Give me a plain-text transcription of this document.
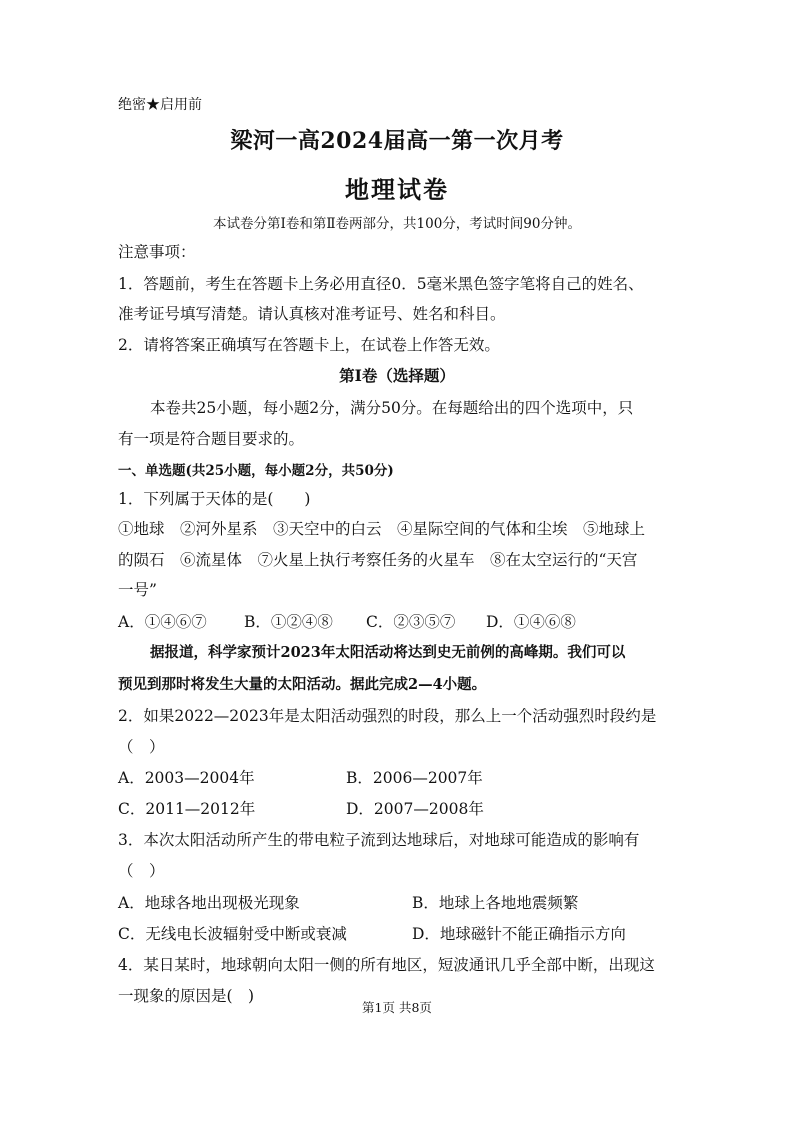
绝密★启用前
梁河一高2024届高一第一次月考
地理试卷
本试卷分第Ⅰ卷和第Ⅱ卷两部分，共100分，考试时间90分钟。
注意事项：
1．答题前，考生在答题卡上务必用直径0．5毫米黑色签字笔将自己的姓名、
准考证号填写清楚。请认真核对准考证号、姓名和科目。
2．请将答案正确填写在答题卡上，在试卷上作答无效。
第Ⅰ卷（选择题）
本卷共25小题，每小题2分，满分50分。在每题给出的四个选项中，只
有一项是符合题目要求的。
一、单选题(共25小题，每小题2分，共50分)
1．下列属于天体的是(　　)
①地球　②河外星系　③天空中的白云　④星际空间的气体和尘埃　⑤地球上
的陨石　⑥流星体　⑦火星上执行考察任务的火星车　⑧在太空运行的“天宫
一号”
A．①④⑥⑦ B．①②④⑧ C．②③⑤⑦ D．①④⑥⑧
据报道，科学家预计2023年太阳活动将达到史无前例的高峰期。我们可以
预见到那时将发生大量的太阳活动。据此完成2—4小题。
2．如果2022—2023年是太阳活动强烈的时段，那么上一个活动强烈时段约是
（　）
A．2003—2004年	B．2006—2007年
C．2011—2012年	D．2007—2008年
3．本次太阳活动所产生的带电粒子流到达地球后，对地球可能造成的影响有
（　）
A．地球各地出现极光现象	B．地球上各地地震频繁
C．无线电长波辐射受中断或衰减	D．地球磁针不能正确指示方向
4．某日某时，地球朝向太阳一侧的所有地区，短波通讯几乎全部中断，出现这
一现象的原因是(　)
第1页 共8页
